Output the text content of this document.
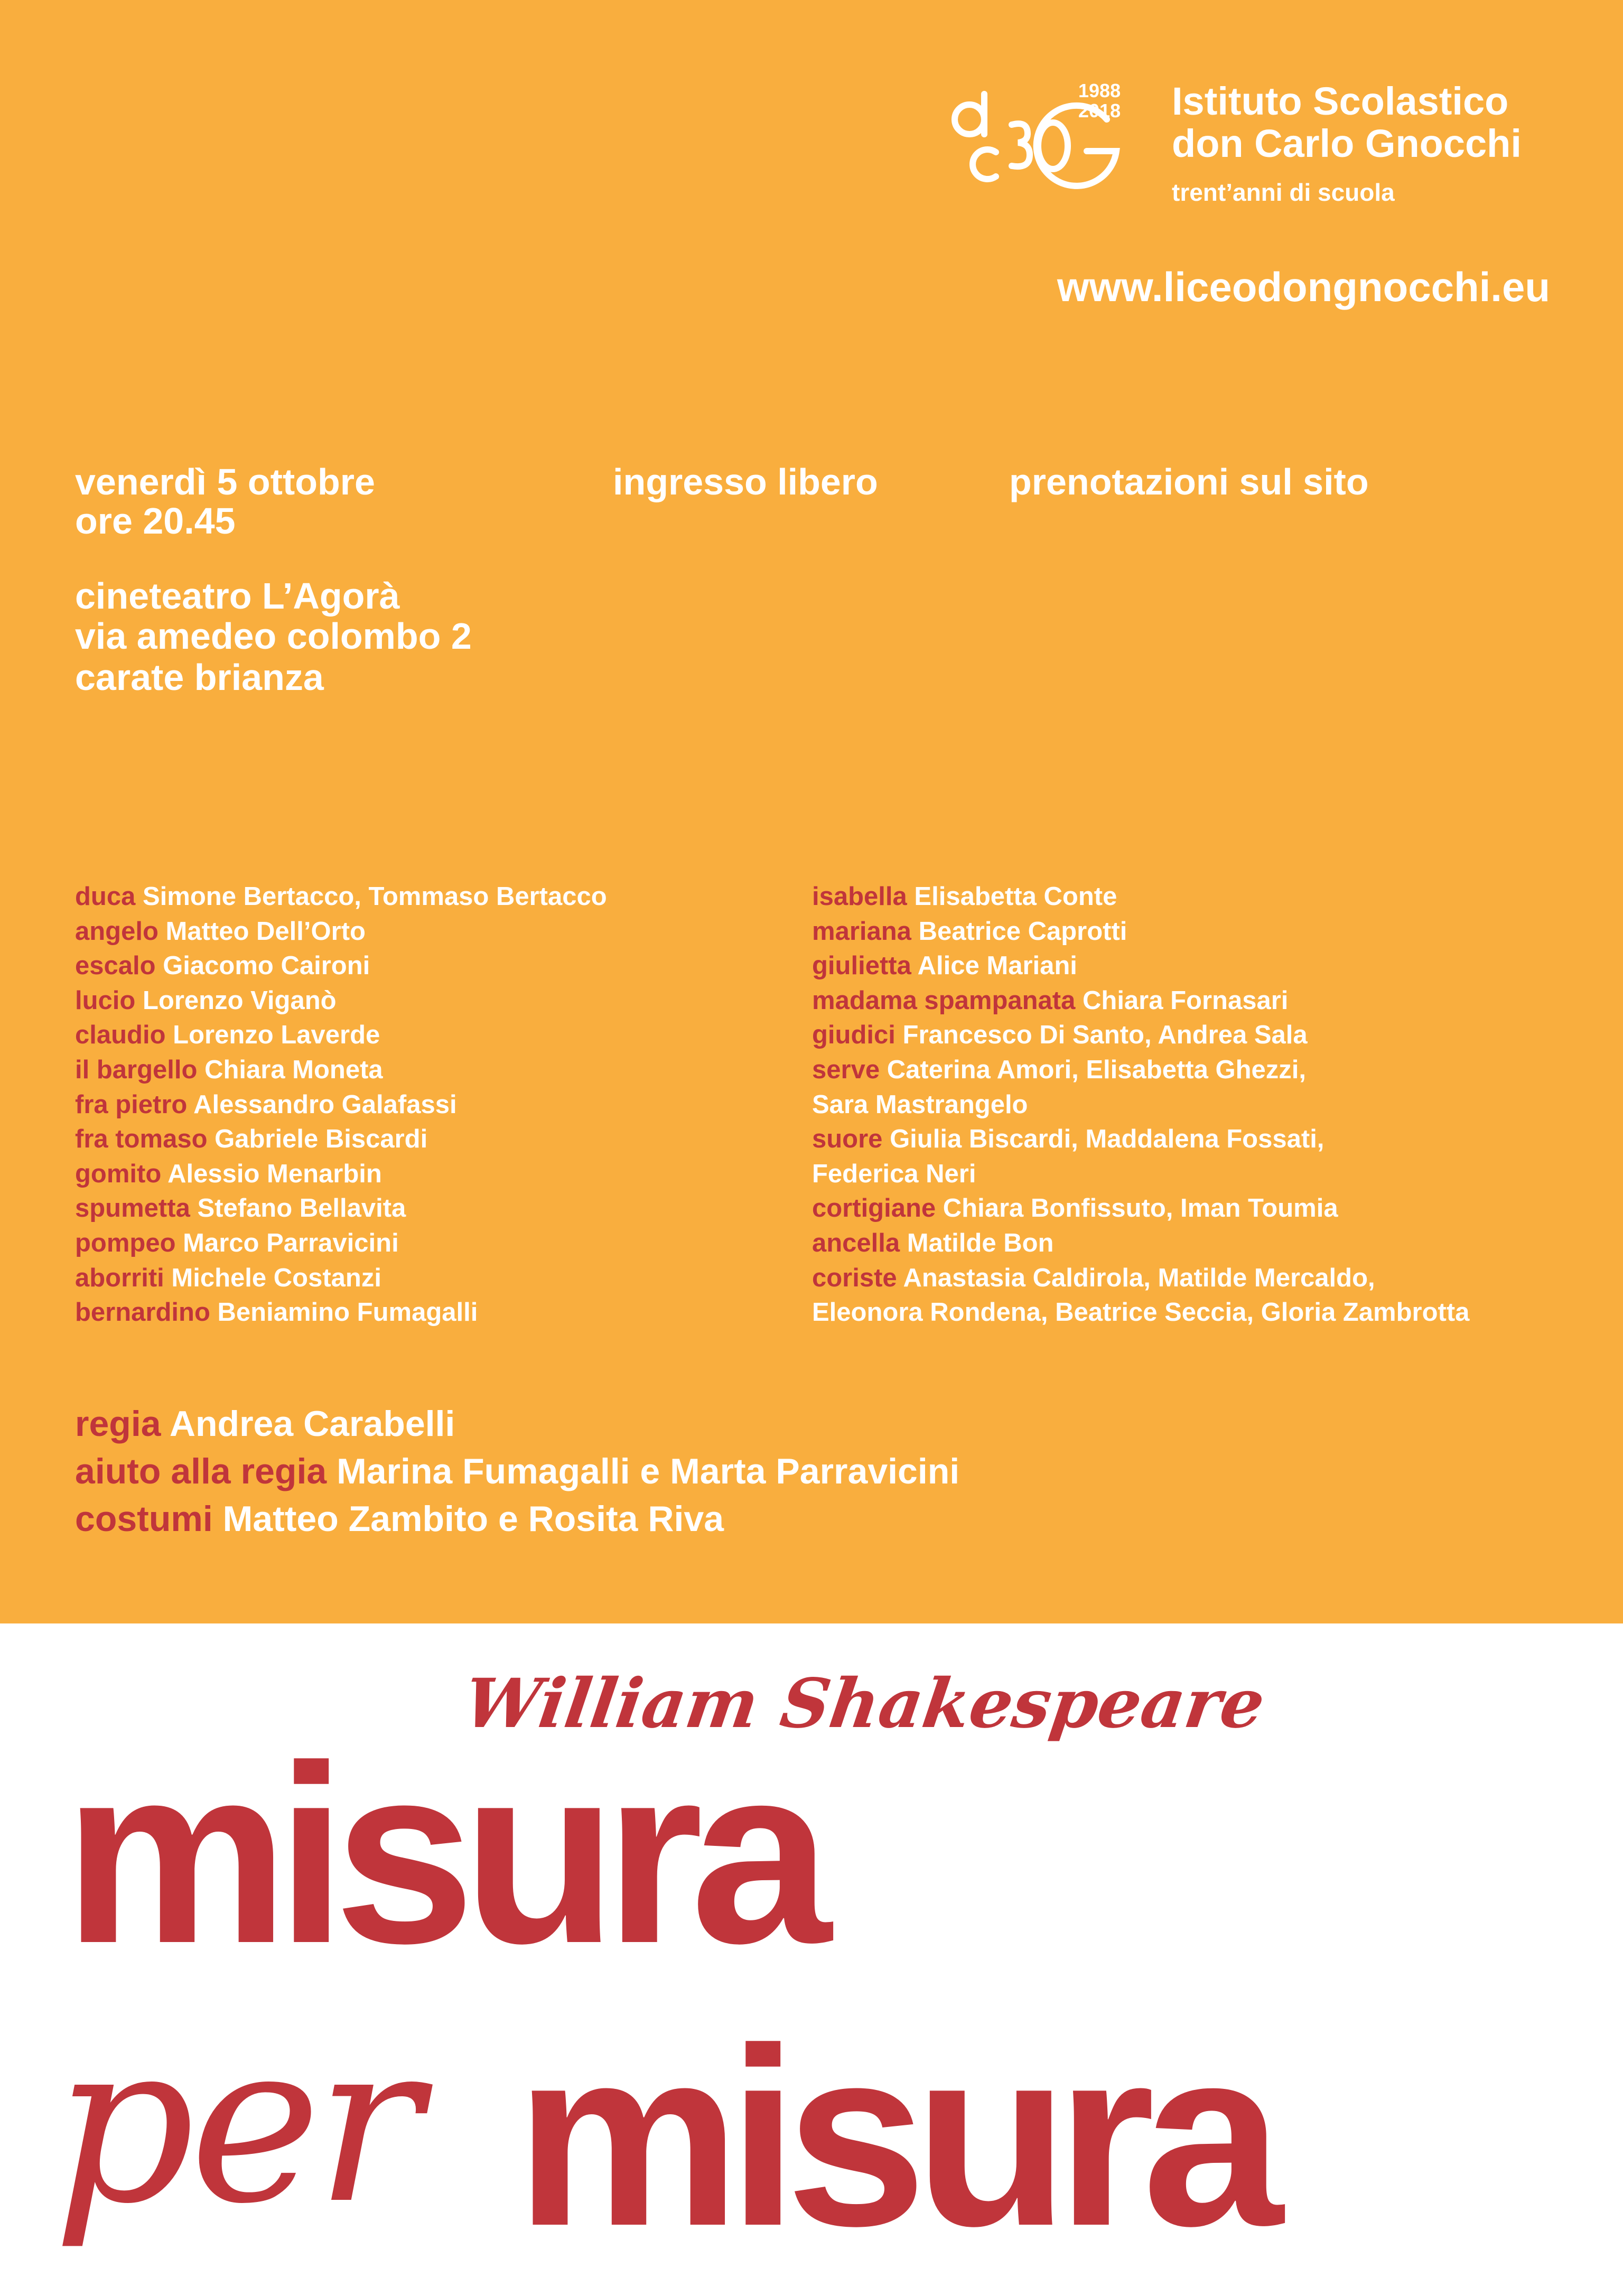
1988
2018 Istituto Scolastico
don Carlo Gnocchi
trent’anni di scuola
www.liceodongnocchi.eu
venerdì 5 ottobre
ore 20.45
ingresso libero	prenotazioni sul sito
cineteatro L’Agorà
via amedeo colombo 2
carate brianza
duca Simone Bertacco, Tommaso Bertacco
angelo Matteo Dell’Orto
escalo Giacomo Caironi
lucio Lorenzo Viganò
claudio Lorenzo Laverde
il bargello Chiara Moneta
fra pietro Alessandro Galafassi
fra tomaso Gabriele Biscardi
gomito Alessio Menarbin
spumetta Stefano Bellavita
pompeo Marco Parravicini
aborriti Michele Costanzi
bernardino Beniamino Fumagalli
isabella Elisabetta Conte
mariana Beatrice Caprotti
giulietta Alice Mariani
madama spampanata Chiara Fornasari
giudici Francesco Di Santo, Andrea Sala
serve Caterina Amori, Elisabetta Ghezzi,
Sara Mastrangelo
suore Giulia Biscardi, Maddalena Fossati,
Federica Neri
cortigiane Chiara Bonfissuto, Iman Toumia
ancella Matilde Bon
coriste Anastasia Caldirola, Matilde Mercaldo,
Eleonora Rondena, Beatrice Seccia, Gloria Zambrotta
regia Andrea Carabelli
aiuto alla regia Marina Fumagalli e Marta Parravicini
costumi Matteo Zambito e Rosita Riva
William Shakespeare
misura
per misura
